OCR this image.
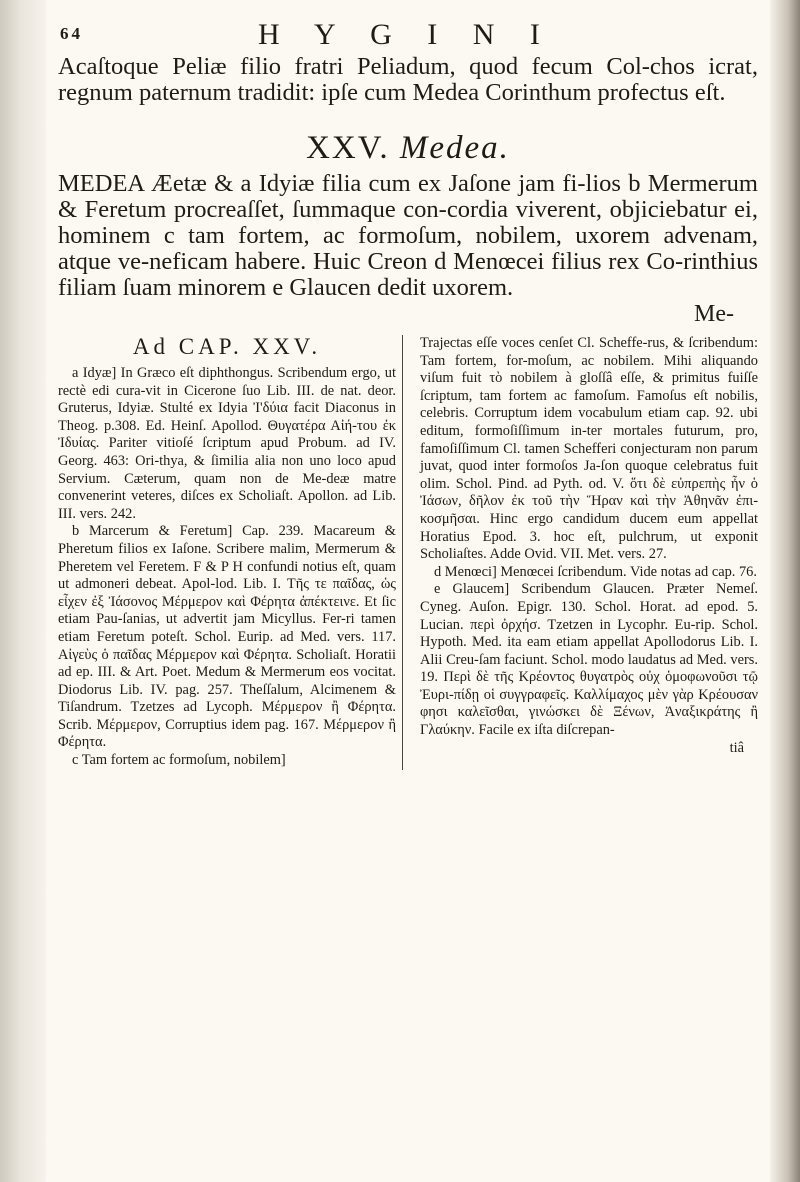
64	H Y G I N I

Acaſtoque Peliæ filio fratri Peliadum, quod fecum Col-chos icrat, regnum paternum tradidit: ipſe cum Medea Corinthum profectus eſt.

XXV. Medea.

MEDEA Æetæ & a Idyiæ filia cum ex Jaſone jam fi-lios b Mermerum & Feretum procreaſſet, ſummaque con-cordia viverent, objiciebatur ei, hominem c tam fortem, ac formoſum, nobilem, uxorem advenam, atque ve-neficam habere. Huic Creon d Menœcei filius rex Co-rinthius filiam ſuam minorem e Glaucen dedit uxorem.

Me-

Ad CAP. XXV.

a Idyæ] In Græco eſt diphthongus. Scribendum ergo, ut rectè edi cura-vit in Cicerone ſuo Lib. III. de nat. deor. Gruterus, Idyiæ. Stulté ex Idyia Ἰ'δύια facit Diaconus in Theog. p.308. Ed. Heinſ. Apollod. Θυγατέρα Αἰή-του ἐκ Ἰδυίας. Pariter vitioſé ſcriptum apud Probum. ad IV. Georg. 463: Ori-thya, & ſimilia alia non uno loco apud Servium. Cæterum, quam non de Me-deæ matre convenerint veteres, diſces ex Scholiaſt. Apollon. ad Lib. III. vers. 242.

b Marcerum & Feretum] Cap. 239. Macareum & Pheretum filios ex Iaſone. Scribere malim, Mermerum & Pheretem vel Feretem. F & P H confundi notius eſt, quam ut admoneri debeat. Apol-lod. Lib. I. Τῆς τε παῖδας, ὡς εἶχεν ἐξ Ἰάσονος Μέρμερον καὶ Φέρητα ἀπέκτεινε. Et ſic etiam Pau-ſanias, ut advertit jam Micyllus. Fer-ri tamen etiam Feretum poteſt. Schol. Eurip. ad Med. vers. 117. Αἰγεὺς ὁ παῖδας Μέρμερον καὶ Φέρητα. Scholiaſt. Horatii ad ep. III. & Art. Poet. Medum & Mermerum eos vocitat. Diodorus Lib. IV. pag. 257. Theſſalum, Alcimenem & Tiſandrum. Tzetzes ad Lycoph. Μέρμερον ἢ Φέρητα. Scrib. Μέρμερον, Corruptius idem pag. 167. Μέρμερον ἢ Φέρητα.

c Tam fortem ac formoſum, nobilem]

Trajectas eſſe voces cenſet Cl. Scheffe-rus, & ſcribendum: Tam fortem, for-moſum, ac nobilem. Mihi aliquando viſum fuit τὸ nobilem à gloſſâ eſſe, & primitus fuiſſe ſcriptum, tam fortem ac famoſum. Famoſus eſt nobilis, celebris. Corruptum idem vocabulum etiam cap. 92. ubi editum, formoſiſſimum in-ter mortales futurum, pro, famoſiſſimum Cl. tamen Schefferi conjecturam non parum juvat, quod inter formoſos Ja-ſon quoque celebratus fuit olim. Schol. Pind. ad Pyth. od. V. ὅτι δὲ εὐπρεπὴς ἦν ὁ Ἰάσων, δῆλον ἐκ τοῦ τὴν Ἥραν καὶ τὴν Ἀθηνᾶν ἐπι-κοσμῆσαι. Hinc ergo candidum ducem eum appellat Horatius Epod. 3. hoc eſt, pulchrum, ut exponit Scholiaſtes. Adde Ovid. VII. Met. vers. 27.

d Menœci] Menœcei ſcribendum. Vide notas ad cap. 76.

e Glaucem] Scribendum Glaucen. Præter Nemeſ. Cyneg. Auſon. Epigr. 130. Schol. Horat. ad epod. 5. Lucian. περὶ ὀρχήσ. Tzetzen in Lycophr. Eu-rip. Schol. Hypoth. Med. ita eam etiam appellat Apollodorus Lib. I. Alii Creu-ſam faciunt. Schol. modo laudatus ad Med. vers. 19. Περὶ δὲ τῆς Κρέοντος θυγατρὸς οὐχ ὁμοφωνοῦσι τῷ Ἐυρι-πίδῃ οἱ συγγραφεῖς. Καλλίμαχος μὲν γὰρ Κρέουσαν φησι καλεῖσθαι, γινώσκει δὲ Ξένων, Ἀναξικράτης ἢ Γλαύκην. Facile ex iſta diſcrepan-

tiâ
